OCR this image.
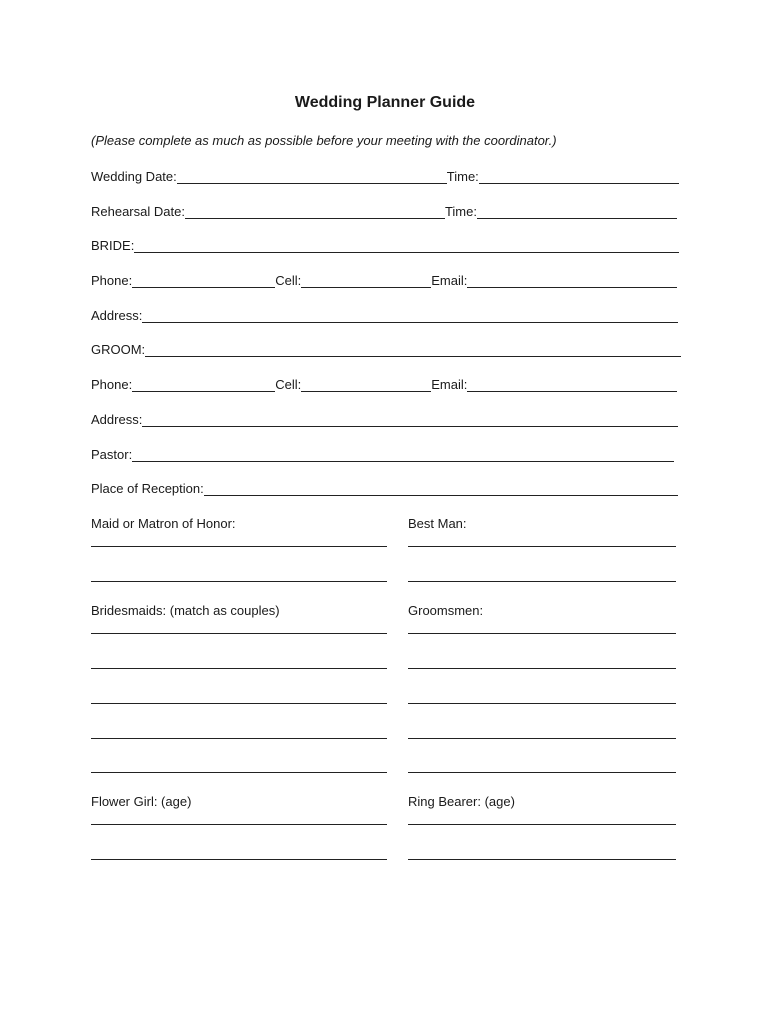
Wedding Planner Guide
(Please complete as much as possible before your meeting with the coordinator.)
Wedding Date:	Time:
Rehearsal Date:	Time:
BRIDE:
Phone:	Cell:	Email:
Address:
GROOM:
Phone:	Cell:	Email:
Address:
Pastor:
Place of Reception:
Maid or Matron of Honor:	Best Man:
Bridesmaids: (match as couples)	Groomsmen:
Flower Girl: (age)	Ring Bearer: (age)
